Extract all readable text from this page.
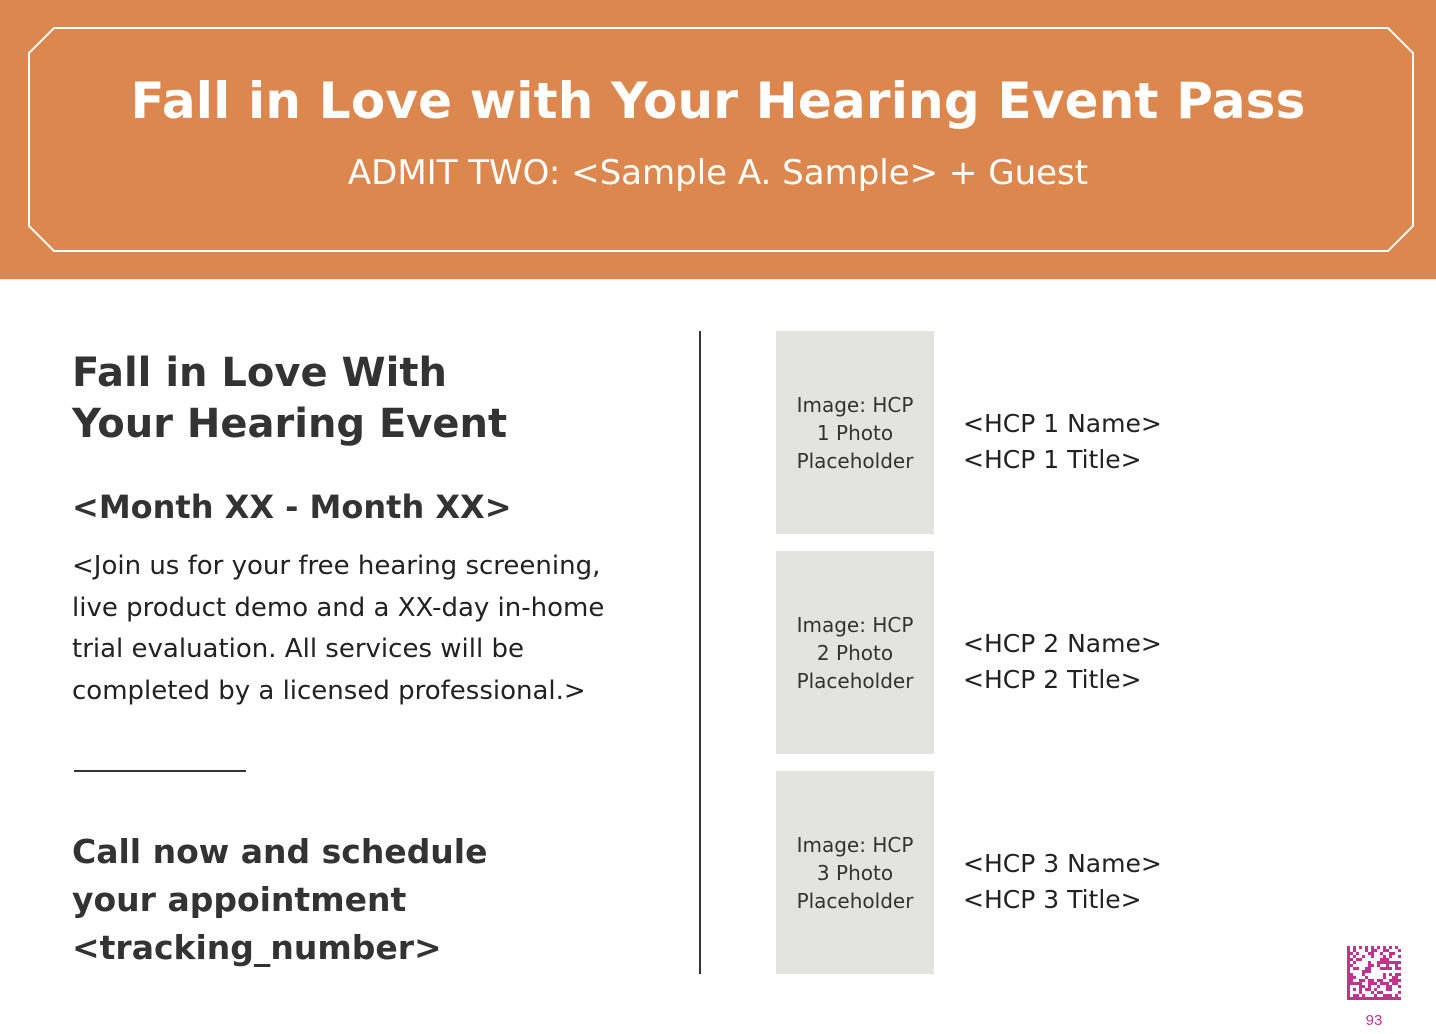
Fall in Love with Your Hearing Event Pass
ADMIT TWO: <Sample A. Sample> + Guest
Fall in Love With
Your Hearing Event
<Month XX - Month XX>
<Join us for your free hearing screening, live product demo and a XX-day in-home trial evaluation. All services will be completed by a licensed professional.>
Call now and schedule
your appointment
<tracking_number>
Image: HCP 1 Photo Placeholder
<HCP 1 Name>
<HCP 1 Title>
Image: HCP 2 Photo Placeholder
<HCP 2 Name>
<HCP 2 Title>
Image: HCP 3 Photo Placeholder
<HCP 3 Name>
<HCP 3 Title>
93
